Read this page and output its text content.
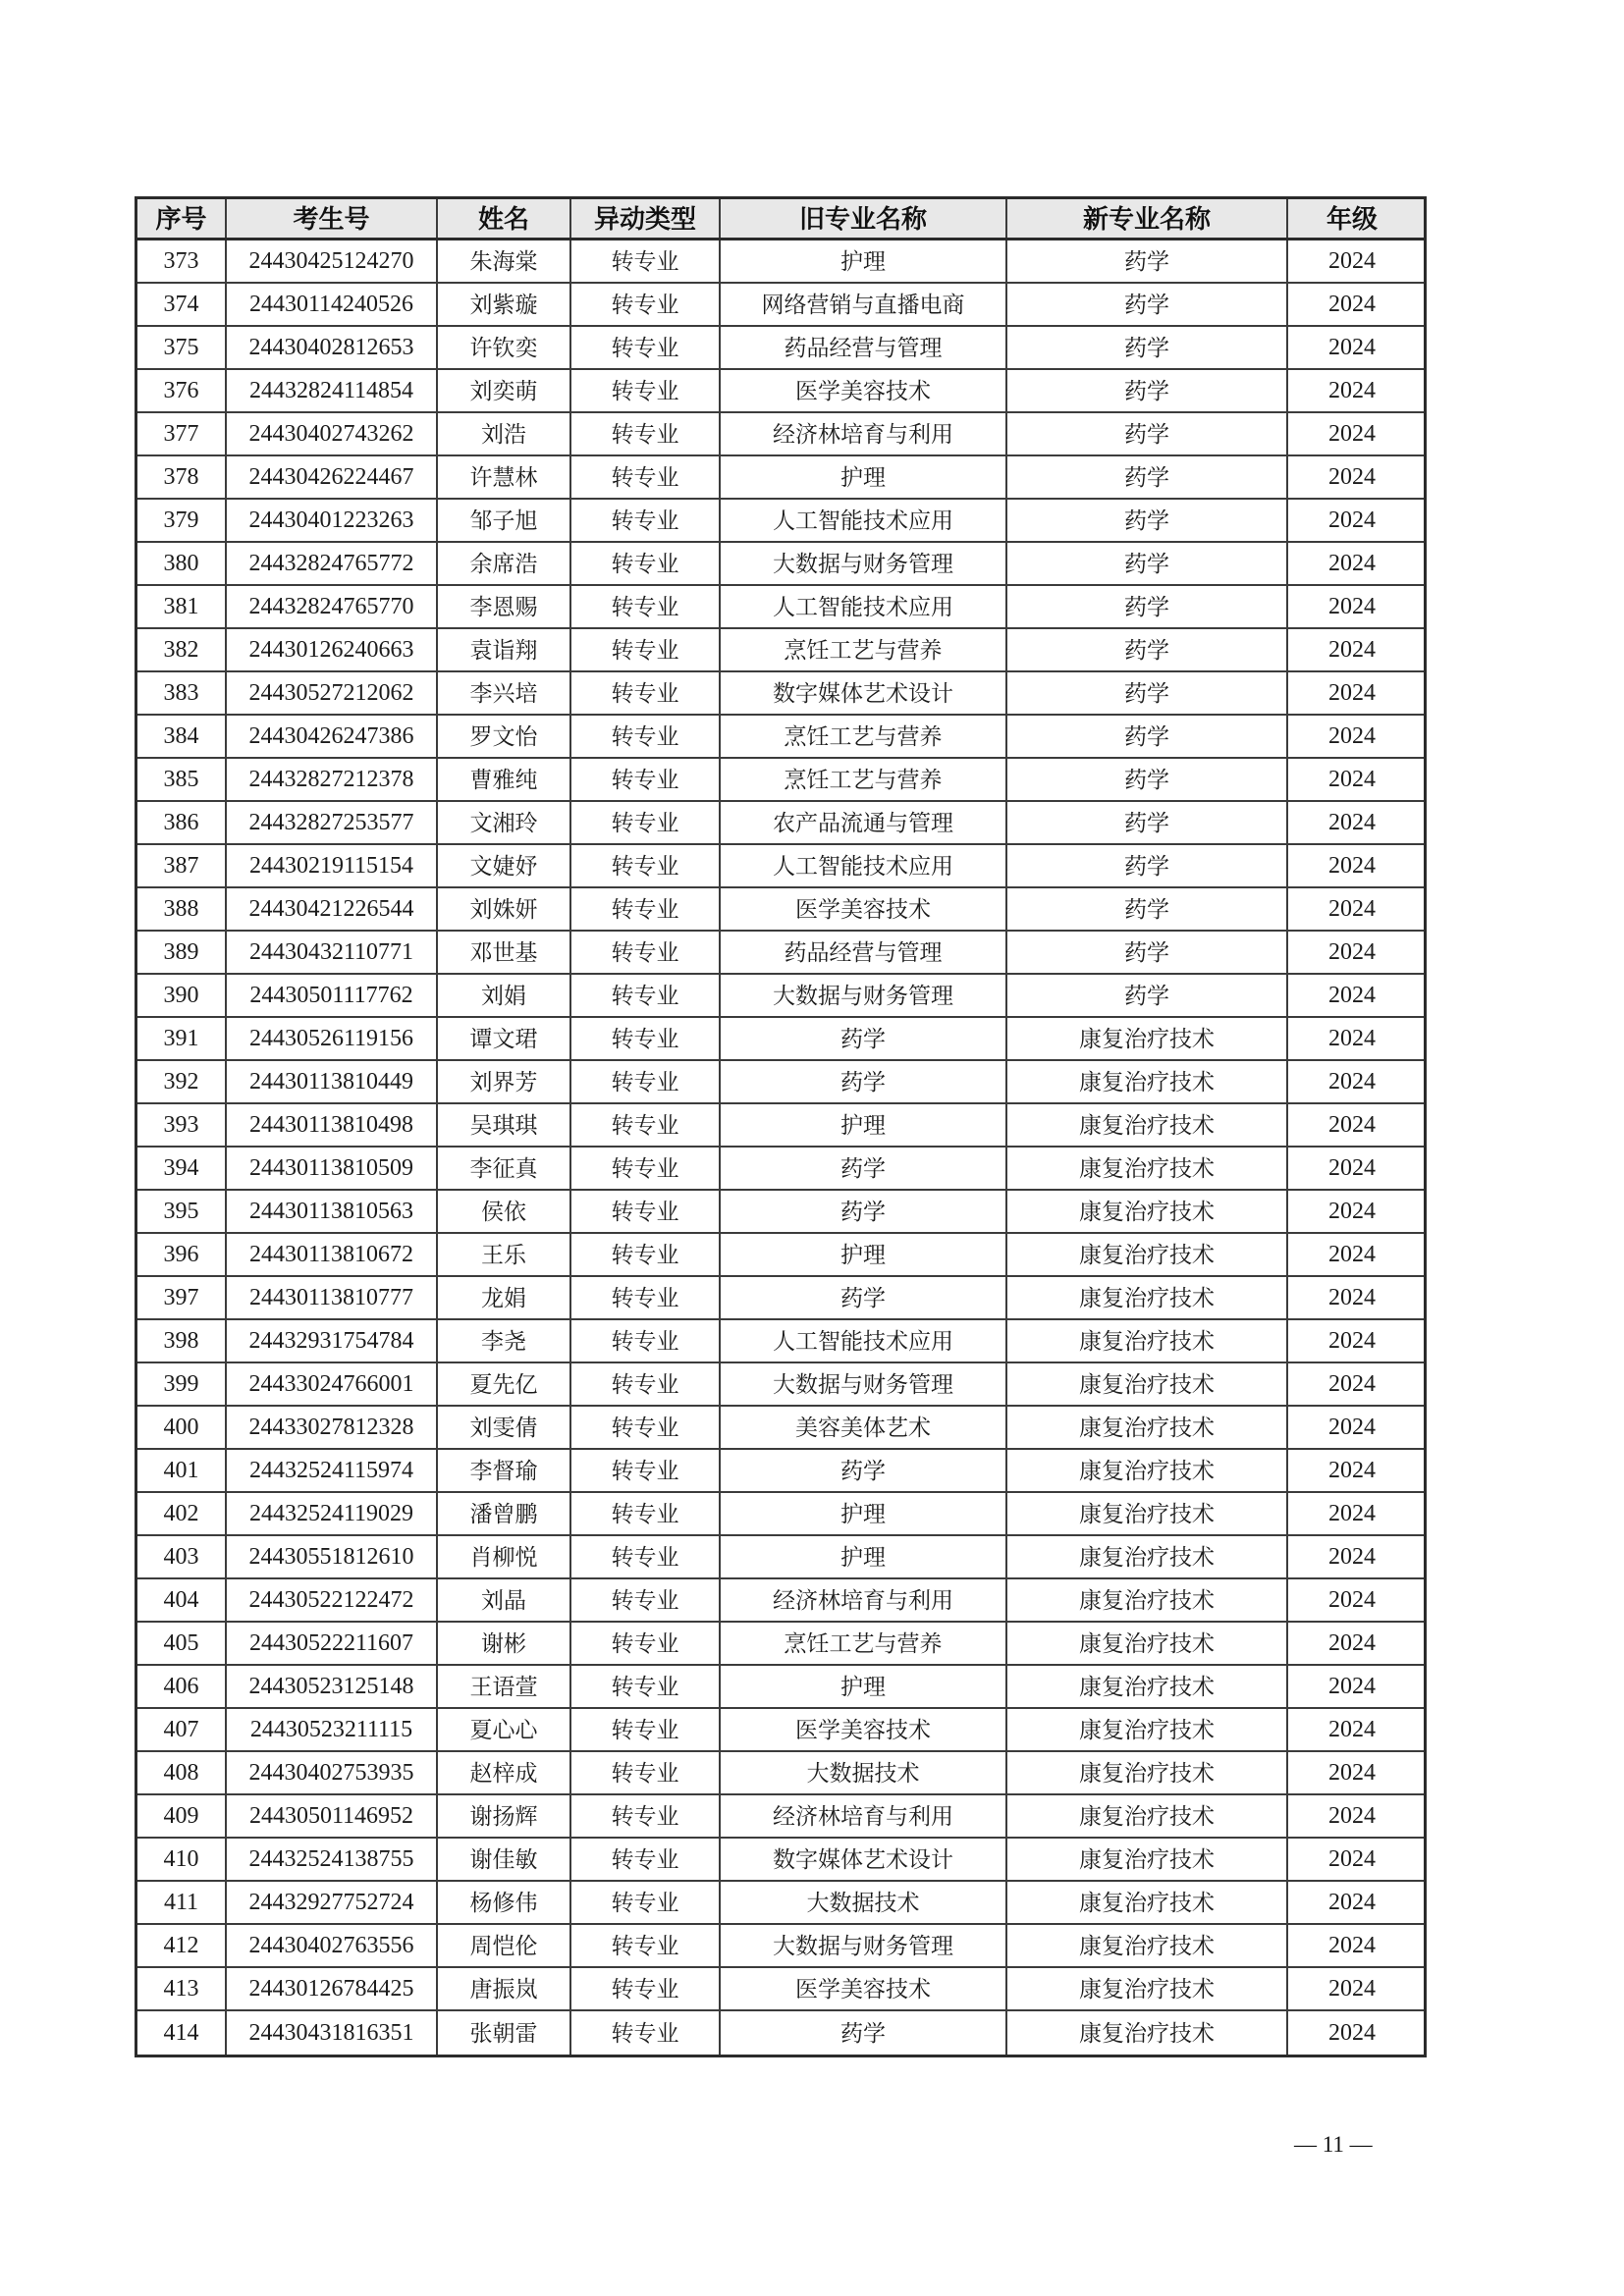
序号	考生号	姓名	异动类型	旧专业名称	新专业名称	年级
373	24430425124270	朱海棠	转专业	护理	药学	2024
374	24430114240526	刘紫璇	转专业	网络营销与直播电商	药学	2024
375	24430402812653	许钦奕	转专业	药品经营与管理	药学	2024
376	24432824114854	刘奕萌	转专业	医学美容技术	药学	2024
377	24430402743262	刘浩	转专业	经济林培育与利用	药学	2024
378	24430426224467	许慧林	转专业	护理	药学	2024
379	24430401223263	邹子旭	转专业	人工智能技术应用	药学	2024
380	24432824765772	余席浩	转专业	大数据与财务管理	药学	2024
381	24432824765770	李恩赐	转专业	人工智能技术应用	药学	2024
382	24430126240663	袁诣翔	转专业	烹饪工艺与营养	药学	2024
383	24430527212062	李兴培	转专业	数字媒体艺术设计	药学	2024
384	24430426247386	罗文怡	转专业	烹饪工艺与营养	药学	2024
385	24432827212378	曹雅纯	转专业	烹饪工艺与营养	药学	2024
386	24432827253577	文湘玲	转专业	农产品流通与管理	药学	2024
387	24430219115154	文婕妤	转专业	人工智能技术应用	药学	2024
388	24430421226544	刘姝妍	转专业	医学美容技术	药学	2024
389	24430432110771	邓世基	转专业	药品经营与管理	药学	2024
390	24430501117762	刘娟	转专业	大数据与财务管理	药学	2024
391	24430526119156	谭文珺	转专业	药学	康复治疗技术	2024
392	24430113810449	刘界芳	转专业	药学	康复治疗技术	2024
393	24430113810498	吴琪琪	转专业	护理	康复治疗技术	2024
394	24430113810509	李征真	转专业	药学	康复治疗技术	2024
395	24430113810563	侯依	转专业	药学	康复治疗技术	2024
396	24430113810672	王乐	转专业	护理	康复治疗技术	2024
397	24430113810777	龙娟	转专业	药学	康复治疗技术	2024
398	24432931754784	李尧	转专业	人工智能技术应用	康复治疗技术	2024
399	24433024766001	夏先亿	转专业	大数据与财务管理	康复治疗技术	2024
400	24433027812328	刘雯倩	转专业	美容美体艺术	康复治疗技术	2024
401	24432524115974	李督瑜	转专业	药学	康复治疗技术	2024
402	24432524119029	潘曾鹏	转专业	护理	康复治疗技术	2024
403	24430551812610	肖柳悦	转专业	护理	康复治疗技术	2024
404	24430522122472	刘晶	转专业	经济林培育与利用	康复治疗技术	2024
405	24430522211607	谢彬	转专业	烹饪工艺与营养	康复治疗技术	2024
406	24430523125148	王语萱	转专业	护理	康复治疗技术	2024
407	24430523211115	夏心心	转专业	医学美容技术	康复治疗技术	2024
408	24430402753935	赵梓成	转专业	大数据技术	康复治疗技术	2024
409	24430501146952	谢扬辉	转专业	经济林培育与利用	康复治疗技术	2024
410	24432524138755	谢佳敏	转专业	数字媒体艺术设计	康复治疗技术	2024
411	24432927752724	杨修伟	转专业	大数据技术	康复治疗技术	2024
412	24430402763556	周恺伦	转专业	大数据与财务管理	康复治疗技术	2024
413	24430126784425	唐振岚	转专业	医学美容技术	康复治疗技术	2024
414	24430431816351	张朝雷	转专业	药学	康复治疗技术	2024
— 11 —
